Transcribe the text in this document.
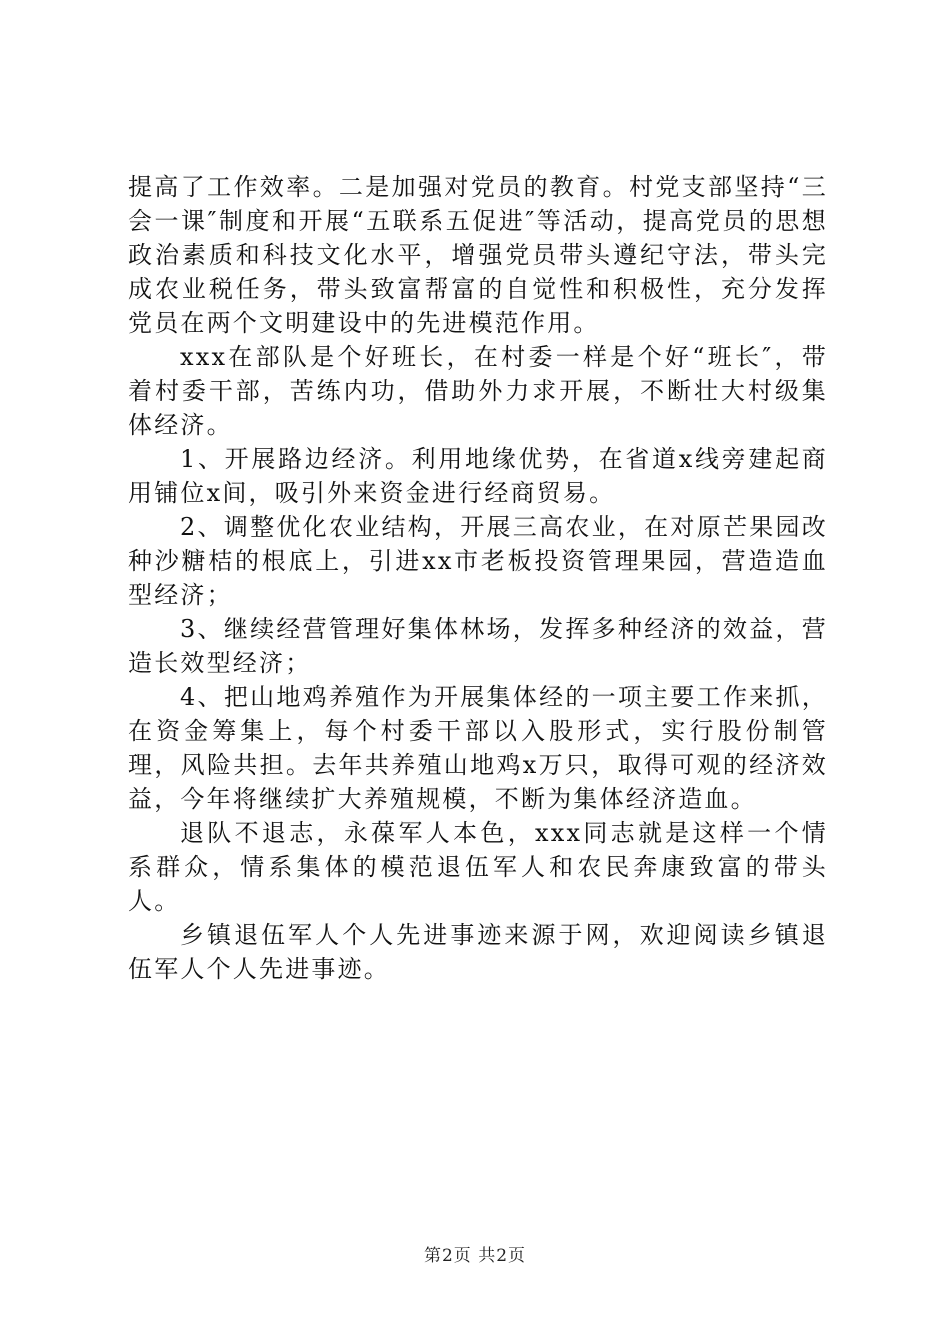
提高了工作效率。二是加强对党员的教育。村党支部坚持“三会一课″制度和开展“五联系五促进″等活动，提高党员的思想政治素质和科技文化水平，增强党员带头遵纪守法，带头完成农业税任务，带头致富帮富的自觉性和积极性，充分发挥党员在两个文明建设中的先进模范作用。

xxx在部队是个好班长，在村委一样是个好“班长″，带着村委干部，苦练内功，借助外力求开展，不断壮大村级集体经济。

1、开展路边经济。利用地缘优势，在省道x线旁建起商用铺位x间，吸引外来资金进行经商贸易。

2、调整优化农业结构，开展三高农业，在对原芒果园改种沙糖桔的根底上，引进xx市老板投资管理果园，营造造血型经济；

3、继续经营管理好集体林场，发挥多种经济的效益，营造长效型经济；

4、把山地鸡养殖作为开展集体经的一项主要工作来抓，在资金筹集上，每个村委干部以入股形式，实行股份制管理，风险共担。去年共养殖山地鸡x万只，取得可观的经济效益，今年将继续扩大养殖规模，不断为集体经济造血。

退队不退志，永葆军人本色，xxx同志就是这样一个情系群众，情系集体的模范退伍军人和农民奔康致富的带头人。

乡镇退伍军人个人先进事迹来源于网，欢迎阅读乡镇退伍军人个人先进事迹。

第2页 共2页
